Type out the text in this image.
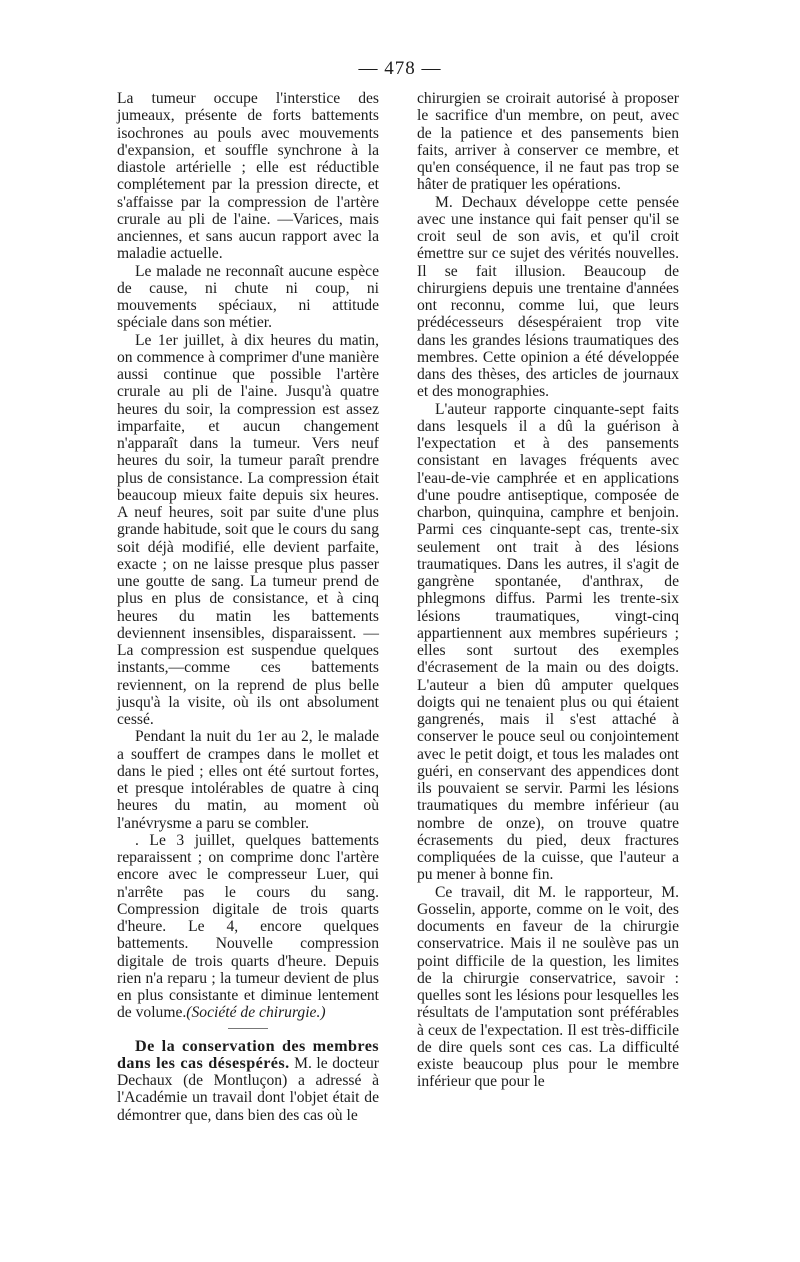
— 478 —

La tumeur occupe l'interstice des jumeaux, présente de forts battements isochrones au pouls avec mouvements d'expansion, et souffle synchrone à la diastole artérielle ; elle est réductible complétement par la pression directe, et s'affaisse par la compression de l'artère crurale au pli de l'aine. —Varices, mais anciennes, et sans aucun rapport avec la maladie actuelle.

Le malade ne reconnaît aucune espèce de cause, ni chute ni coup, ni mouvements spéciaux, ni attitude spéciale dans son métier.

Le 1er juillet, à dix heures du matin, on commence à comprimer d'une manière aussi continue que possible l'artère crurale au pli de l'aine. Jusqu'à quatre heures du soir, la compression est assez imparfaite, et aucun changement n'apparaît dans la tumeur. Vers neuf heures du soir, la tumeur paraît prendre plus de consistance. La compression était beaucoup mieux faite depuis six heures. A neuf heures, soit par suite d'une plus grande habitude, soit que le cours du sang soit déjà modifié, elle devient parfaite, exacte ; on ne laisse presque plus passer une goutte de sang. La tumeur prend de plus en plus de consistance, et à cinq heures du matin les battements deviennent insensibles, disparaissent. — La compression est suspendue quelques instants,—comme ces battements reviennent, on la reprend de plus belle jusqu'à la visite, où ils ont absolument cessé.

Pendant la nuit du 1er au 2, le malade a souffert de crampes dans le mollet et dans le pied ; elles ont été surtout fortes, et presque intolérables de quatre à cinq heures du matin, au moment où l'anévrysme a paru se combler.

. Le 3 juillet, quelques battements reparaissent ; on comprime donc l'artère encore avec le compresseur Luer, qui n'arrête pas le cours du sang. Compression digitale de trois quarts d'heure. Le 4, encore quelques battements. Nouvelle compression digitale de trois quarts d'heure. Depuis rien n'a reparu ; la tumeur devient de plus en plus consistante et diminue lentement de volume.(Société de chirurgie.)

De la conservation des membres dans les cas désespérés. M. le docteur Dechaux (de Montluçon) a adressé à l'Académie un travail dont l'objet était de démontrer que, dans bien des cas où le

chirurgien se croirait autorisé à proposer le sacrifice d'un membre, on peut, avec de la patience et des pansements bien faits, arriver à conserver ce membre, et qu'en conséquence, il ne faut pas trop se hâter de pratiquer les opérations.

M. Dechaux développe cette pensée avec une instance qui fait penser qu'il se croit seul de son avis, et qu'il croit émettre sur ce sujet des vérités nouvelles. Il se fait illusion. Beaucoup de chirurgiens depuis une trentaine d'années ont reconnu, comme lui, que leurs prédécesseurs désespéraient trop vite dans les grandes lésions traumatiques des membres. Cette opinion a été développée dans des thèses, des articles de journaux et des monographies.

L'auteur rapporte cinquante-sept faits dans lesquels il a dû la guérison à l'expectation et à des pansements consistant en lavages fréquents avec l'eau-de-vie camphrée et en applications d'une poudre antiseptique, composée de charbon, quinquina, camphre et benjoin. Parmi ces cinquante-sept cas, trente-six seulement ont trait à des lésions traumatiques. Dans les autres, il s'agit de gangrène spontanée, d'anthrax, de phlegmons diffus. Parmi les trente-six lésions traumatiques, vingt-cinq appartiennent aux membres supérieurs ; elles sont surtout des exemples d'écrasement de la main ou des doigts. L'auteur a bien dû amputer quelques doigts qui ne tenaient plus ou qui étaient gangrenés, mais il s'est attaché à conserver le pouce seul ou conjointement avec le petit doigt, et tous les malades ont guéri, en conservant des appendices dont ils pouvaient se servir. Parmi les lésions traumatiques du membre inférieur (au nombre de onze), on trouve quatre écrasements du pied, deux fractures compliquées de la cuisse, que l'auteur a pu mener à bonne fin.

Ce travail, dit M. le rapporteur, M. Gosselin, apporte, comme on le voit, des documents en faveur de la chirurgie conservatrice. Mais il ne soulève pas un point difficile de la question, les limites de la chirurgie conservatrice, savoir : quelles sont les lésions pour lesquelles les résultats de l'amputation sont préférables à ceux de l'expectation. Il est très-difficile de dire quels sont ces cas. La difficulté existe beaucoup plus pour le membre inférieur que pour le
